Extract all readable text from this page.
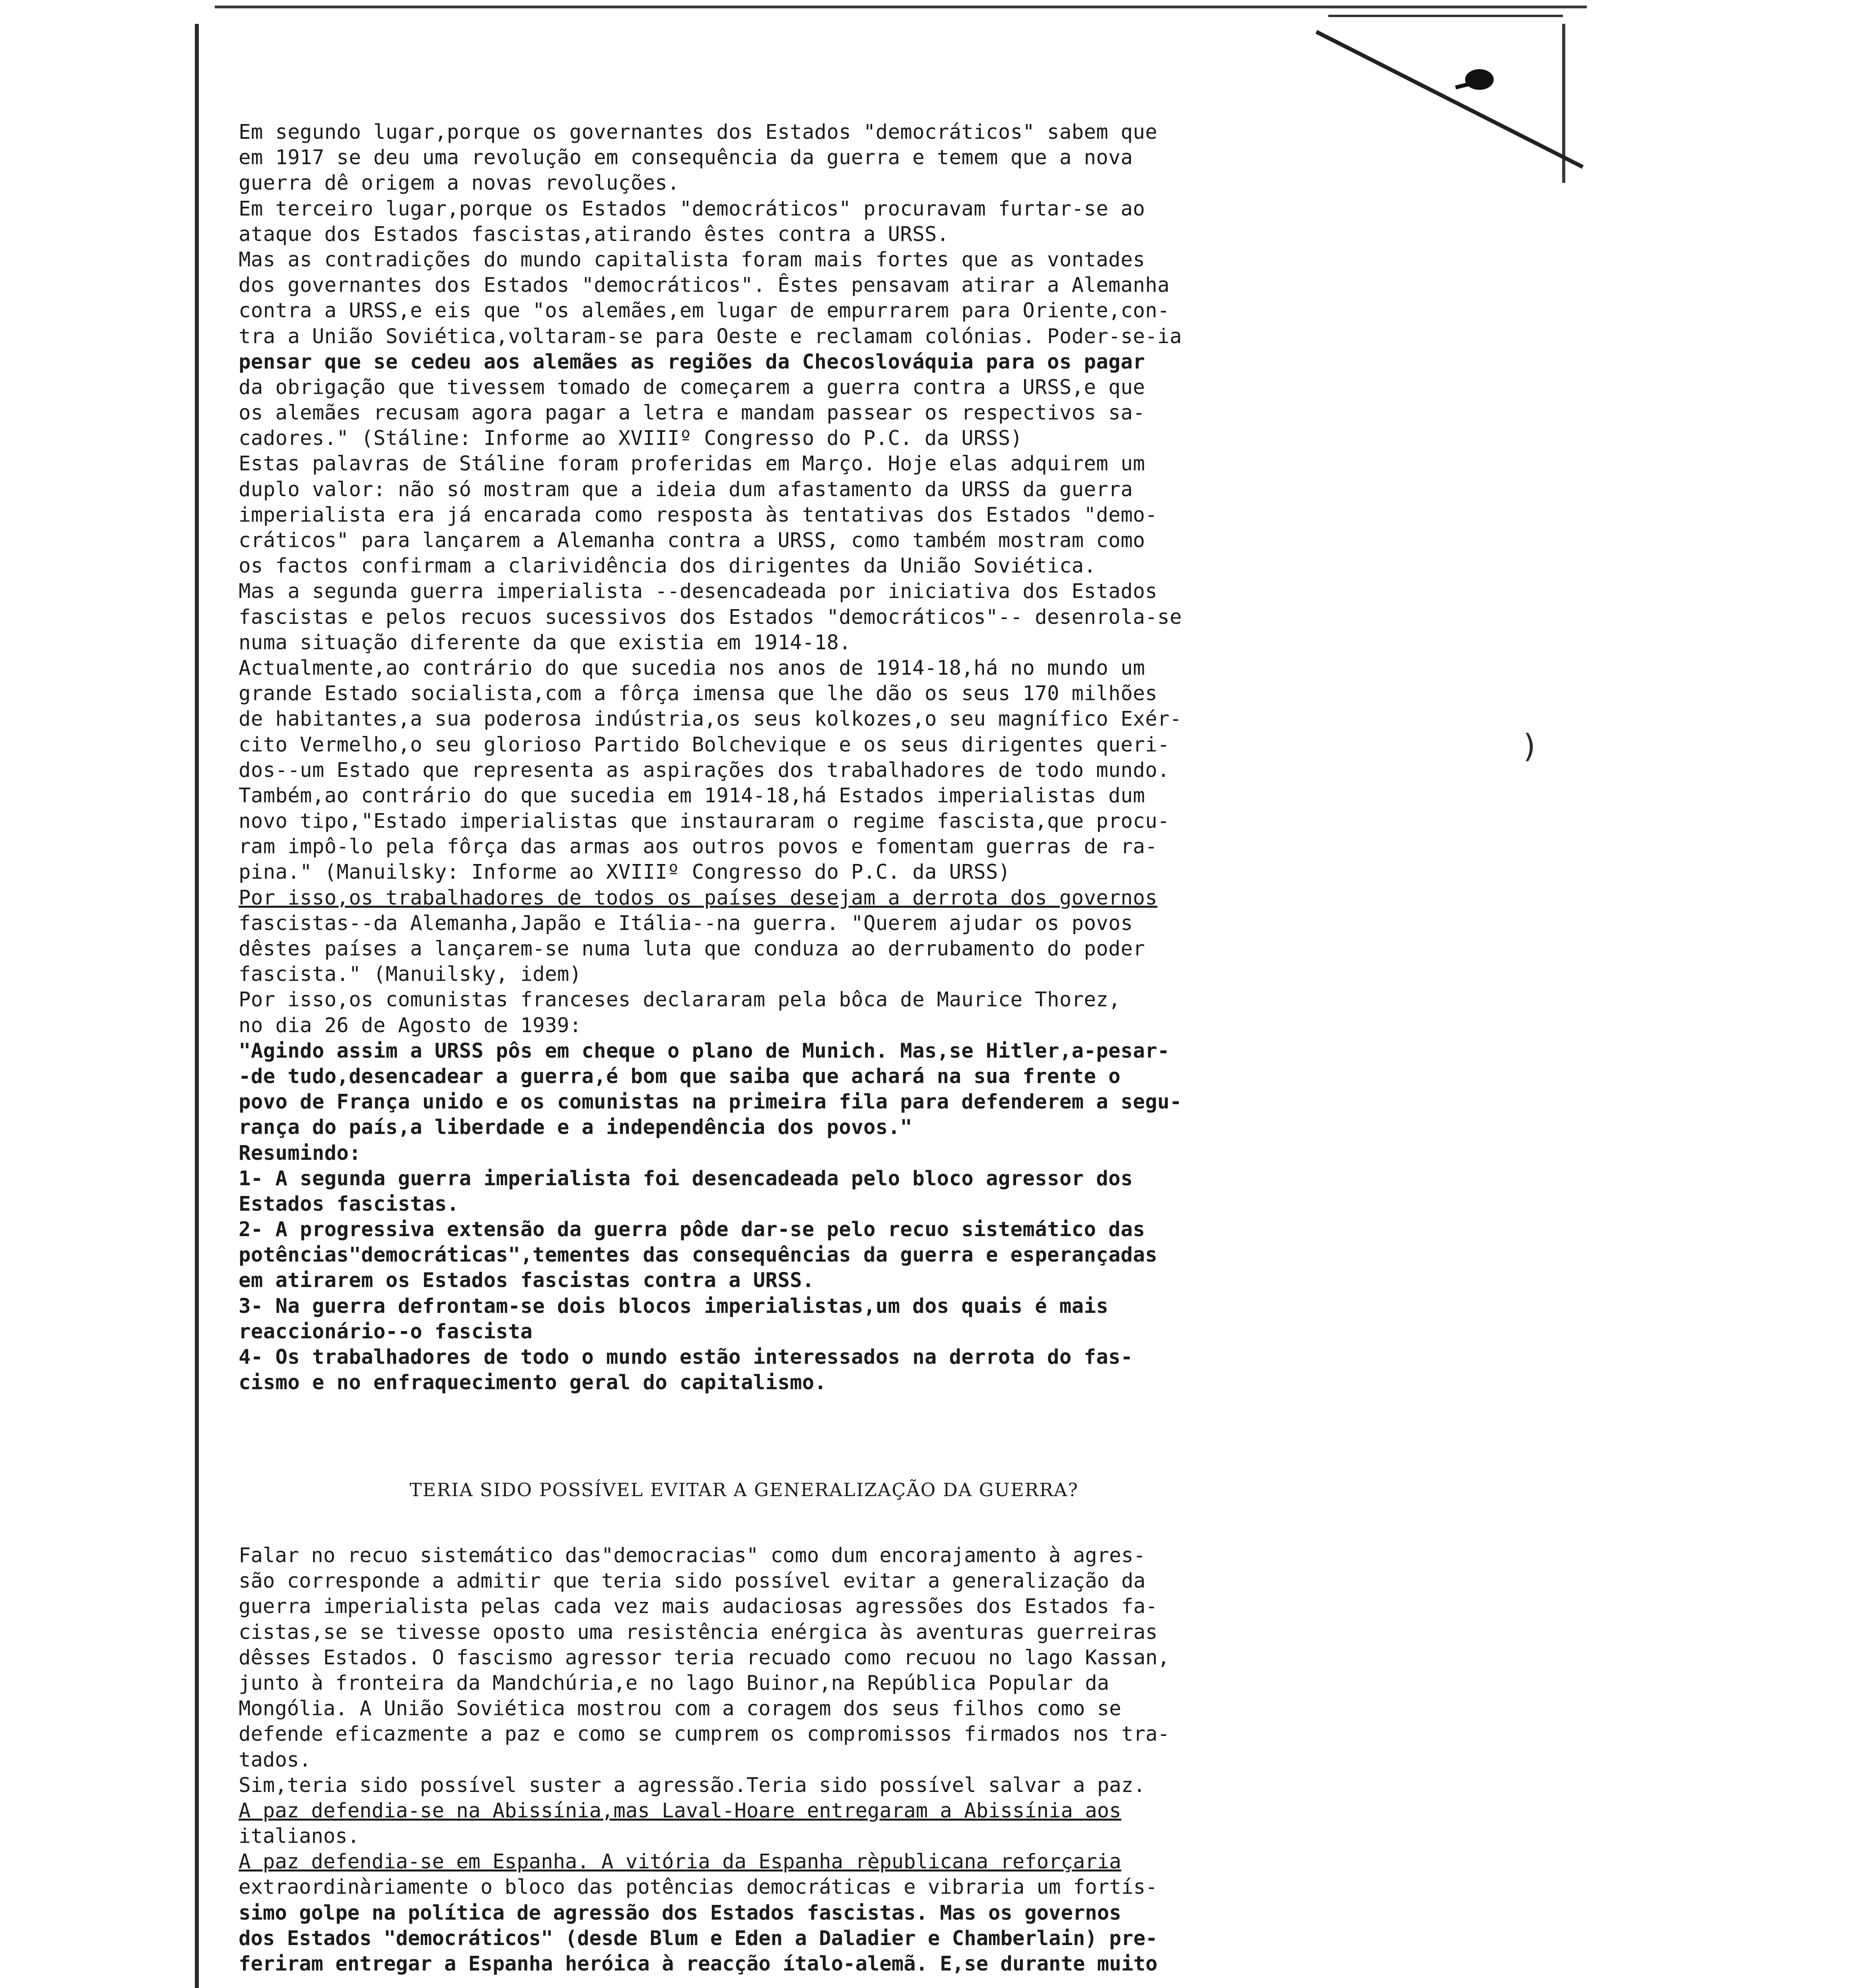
Em segundo lugar,porque os governantes dos Estados "democráticos" sabem que
em 1917 se deu uma revolução em consequência da guerra e temem que a nova
guerra dê origem a novas revoluções.
Em terceiro lugar,porque os Estados "democráticos" procuravam furtar-se ao
ataque dos Estados fascistas,atirando êstes contra a URSS.
Mas as contradições do mundo capitalista foram mais fortes que as vontades
dos governantes dos Estados "democráticos". Êstes pensavam atirar a Alemanha
contra a URSS,e eis que "os alemães,em lugar de empurrarem para Oriente,con-
tra a União Soviética,voltaram-se para Oeste e reclamam colónias. Poder-se-ia
pensar que se cedeu aos alemães as regiões da Checoslováquia para os pagar
da obrigação que tivessem tomado de começarem a guerra contra a URSS,e que
os alemães recusam agora pagar a letra e mandam passear os respectivos sa-
cadores." (Stáline: Informe ao XVIIIº Congresso do P.C. da URSS)
Estas palavras de Stáline foram proferidas em Março. Hoje elas adquirem um
duplo valor: não só mostram que a ideia dum afastamento da URSS da guerra
imperialista era já encarada como resposta às tentativas dos Estados "demo-
cráticos" para lançarem a Alemanha contra a URSS, como também mostram como
os factos confirmam a clarividência dos dirigentes da União Soviética.
Mas a segunda guerra imperialista --desencadeada por iniciativa dos Estados
fascistas e pelos recuos sucessivos dos Estados "democráticos"-- desenrola-se
numa situação diferente da que existia em 1914-18.
Actualmente,ao contrário do que sucedia nos anos de 1914-18,há no mundo um
grande Estado socialista,com a fôrça imensa que lhe dão os seus 170 milhões
de habitantes,a sua poderosa indústria,os seus kolkozes,o seu magnífico Exér-
cito Vermelho,o seu glorioso Partido Bolchevique e os seus dirigentes queri-
dos--um Estado que representa as aspirações dos trabalhadores de todo mundo.
Também,ao contrário do que sucedia em 1914-18,há Estados imperialistas dum
novo tipo,"Estado imperialistas que instauraram o regime fascista,que procu-
ram impô-lo pela fôrça das armas aos outros povos e fomentam guerras de ra-
pina." (Manuilsky: Informe ao XVIIIº Congresso do P.C. da URSS)
Por isso,os trabalhadores de todos os países desejam a derrota dos governos
fascistas--da Alemanha,Japão e Itália--na guerra. "Querem ajudar os povos
dêstes países a lançarem-se numa luta que conduza ao derrubamento do poder
fascista." (Manuilsky, idem)
Por isso,os comunistas franceses declararam pela bôca de Maurice Thorez,
no dia 26 de Agosto de 1939:
"Agindo assim a URSS pôs em cheque o plano de Munich. Mas,se Hitler,a-pesar-
-de tudo,desencadear a guerra,é bom que saiba que achará na sua frente o
povo de França unido e os comunistas na primeira fila para defenderem a segu-
rança do país,a liberdade e a independência dos povos."
Resumindo:
1- A segunda guerra imperialista foi desencadeada pelo bloco agressor dos
Estados fascistas.
2- A progressiva extensão da guerra pôde dar-se pelo recuo sistemático das
potências"democráticas",tementes das consequências da guerra e esperançadas
em atirarem os Estados fascistas contra a URSS.
3- Na guerra defrontam-se dois blocos imperialistas,um dos quais é mais
reaccionário--o fascista
4- Os trabalhadores de todo o mundo estão interessados na derrota do fas-
cismo e no enfraquecimento geral do capitalismo.
TERIA SIDO POSSÍVEL EVITAR A GENERALIZAÇÃO DA GUERRA?
Falar no recuo sistemático das"democracias" como dum encorajamento à agres-
são corresponde a admitir que teria sido possível evitar a generalização da
guerra imperialista pelas cada vez mais audaciosas agressões dos Estados fa-
cistas,se se tivesse oposto uma resistência enérgica às aventuras guerreiras
dêsses Estados. O fascismo agressor teria recuado como recuou no lago Kassan,
junto à fronteira da Mandchúria,e no lago Buinor,na República Popular da
Mongólia. A União Soviética mostrou com a coragem dos seus filhos como se
defende eficazmente a paz e como se cumprem os compromissos firmados nos tra-
tados.
Sim,teria sido possível suster a agressão.Teria sido possível salvar a paz.
A paz defendia-se na Abissínia,mas Laval-Hoare entregaram a Abissínia aos
italianos.
A paz defendia-se em Espanha. A vitória da Espanha rèpublicana reforçaria
extraordinàriamente o bloco das potências democráticas e vibraria um fortís-
simo golpe na política de agressão dos Estados fascistas. Mas os governos
dos Estados "democráticos" (desde Blum e Eden a Daladier e Chamberlain) pre-
feriram entregar a Espanha heróica à reacção ítalo-alemã. E,se durante muito
)
